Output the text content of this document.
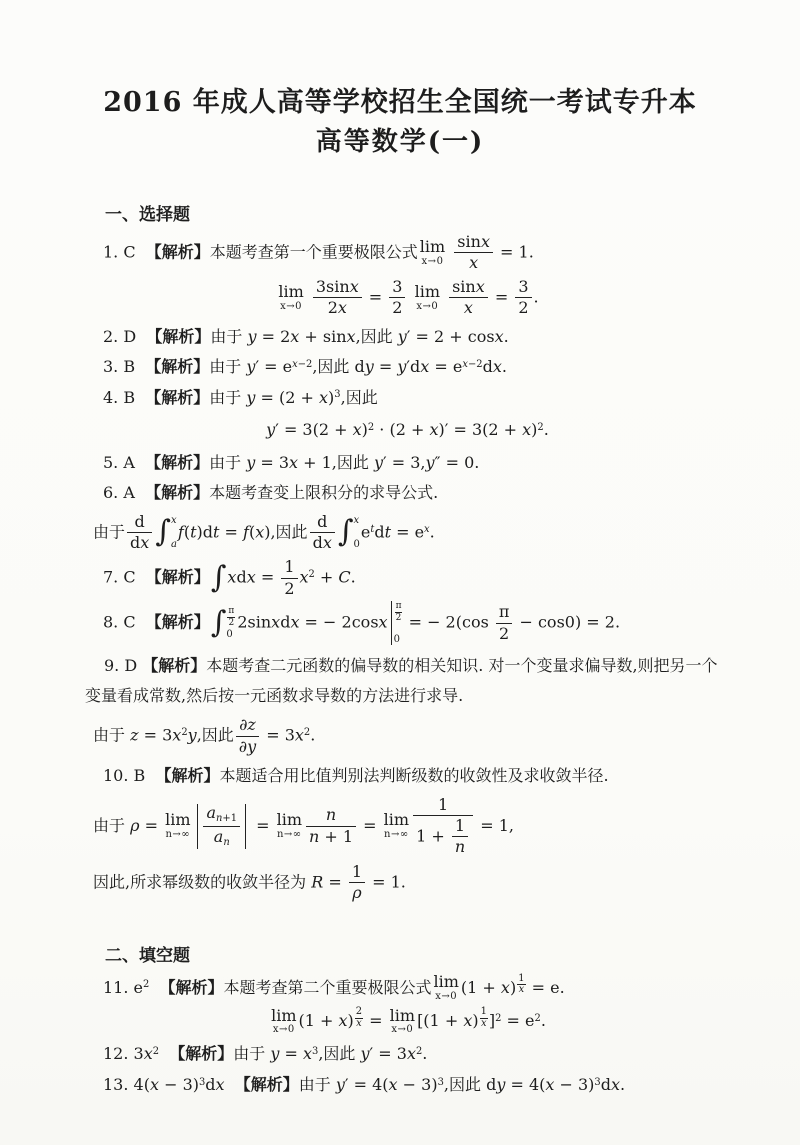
2016 年成人高等学校招生全国统一考试专升本
高等数学(一)
一、选择题
1. C  【解析】本题考查第一个重要极限公式 lim
x→0
$\frac{\sin x}{x} = 1$.
lim
x→0
$\frac{3\sin x}{2x} = \frac{3}{2}$
lim
x→0
$\frac{\sin x}{x} = \frac{3}{2}$ .
2. D  【解析】由于 y = 2x + sinx,因此 y′ = 2 + cosx.
3. B  【解析】由于 y′ = ex−2,因此 dy = y′dx = ex−2dx.
4. B  【解析】由于 y = (2 + x)3,因此
y′ = 3(2 + x)2 · (2 + x)′ = 3(2 + x)2.
5. A  【解析】由于 y = 3x + 1,因此 y′ = 3,y″ = 0.
6. A  【解析】本题考查变上限积分的求导公式.
由于 $\frac{d}{dx}$ ∫ x
a
f(t)dt = f(x),因此 $\frac{d}{dx}$ ∫ x
0
etdt = ex.
7. C  【解析】 ∫ xdx = $\frac{1}{2} x2 + C$.
8. C  【解析】 ∫ $\frac{\pi}{2}$
0
2sinxdx = − $2\cos x \frac{\pi}{2}$
0
= − $2(\cos \frac{\pi}{2} - \cos 0) = 2$.
9. D 【解析】本题考查二元函数的偏导数的相关知识. 对一个变量求偏导数,则把另一个变量看成常数,然后按一元函数求导数的方法进行求导.
由于 z = 3x2y,因此 $\frac{\partial z}{\partial y} = 3x2$.
10. B  【解析】本题适合用比值判别法判断级数的收敛性及求收敛半径.
由于 ρ = lim
$n\to\infty \frac{an+1}{an} = \lim$
$n\to\infty \frac{n}{n + 1} = \lim$
$n\to\infty \frac{1}{1 + \frac{1}{n}} = 1$,
因此,所求幂级数的收敛半径为 $R = \frac{1}{\rho} = 1$.
二、填空题
11. e2 【解析】本题考查第二个重要极限公式 lim
x→0 $(1 + x) \frac{1}{x} = e$.
lim
x→0 $(1 + x) \frac{2}{x} = \lim$
x→0 $[(1 + x) \frac{1}{x} ]2 = e2$.
12. 3x2 【解析】由于 y = x3,因此 y′ = 3x2.
13. 4(x − 3)3dx 【解析】由于 y′ = 4(x − 3)3,因此 dy = 4(x − 3)3dx.
